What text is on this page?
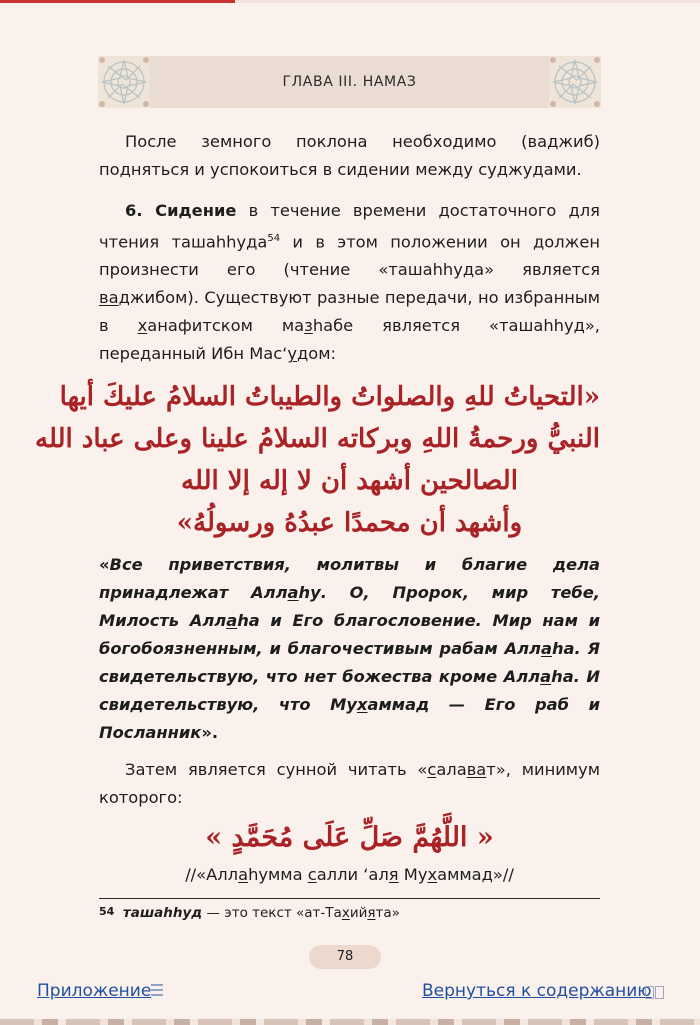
ГЛАВА III. НАМАЗ

После земного поклона необходимо (ваджиб) подняться и успокоиться в сидении между суджудами.

6. Сидение в течение времени достаточного для чтения ташаhhуда$^{54}$ и в этом положении он должен произнести его (чтение «ташаhhуда» является ваджибом). Существуют разные передачи, но избранным в ханафитском мазhабе является «ташаhhуд», переданный Ибн Мас‘удом:

«التحياتُ للهِ والصلواتُ والطيباتُ السلامُ عليكَ أيها
النبيُّ ورحمةُ اللهِ وبركاته السلامُ علينا وعلى عباد الله
الصالحين أشهد أن لا إله إلا الله
وأشهد أن محمدًا عبدُهُ ورسولُهُ»

«Все приветствия, молитвы и благие дела принадлежат Аллаhу. О, Пророк, мир тебе, Милость Аллаhа и Его благословение. Мир нам и богобоязненным, и благочестивым рабам Аллаhа. Я свидетельствую, что нет божества кроме Аллаhа. И свидетельствую, что Мухаммад — Его раб и Посланник».

Затем является сунной читать «салават», минимум которого:

« اللَّهُمَّ صَلِّ عَلَى مُحَمَّدٍ »
//«Аллаhумма салли ‘аля Мухаммад»//
$^{54}$ ташаhhуд — это текст «ат-Тахийята»
78
Приложение	Вернуться к содержанию
